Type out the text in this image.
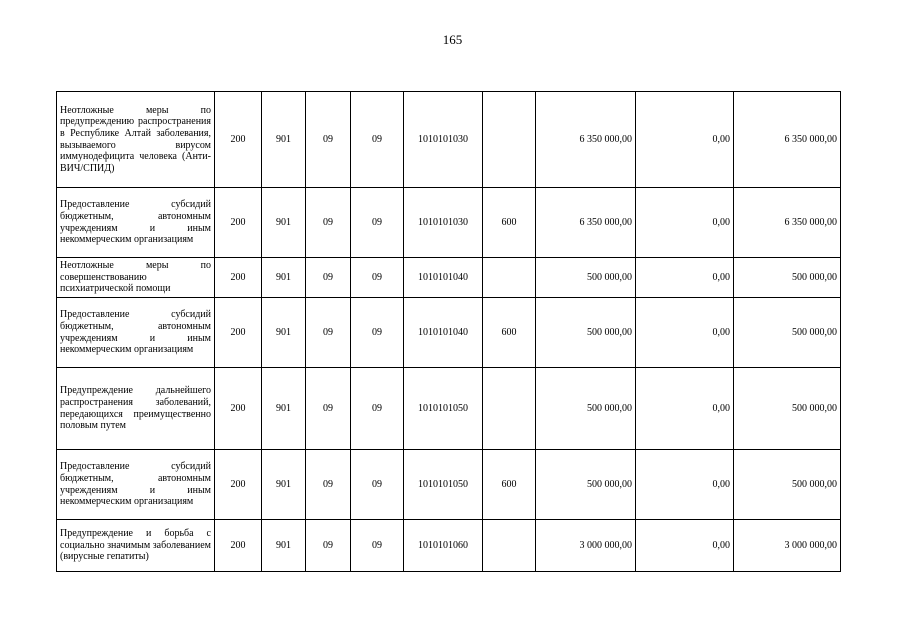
165
Неотложные меры по предупреждению распространения в Республике Алтай заболевания, вызываемого вирусом иммунодефицита человека (Анти-ВИЧ/СПИД)	200	901	09	09	1010101030		6 350 000,00	0,00	6 350 000,00
Предоставление субсидий бюджетным, автономным учреждениям и иным некоммерческим организациям	200	901	09	09	1010101030	600	6 350 000,00	0,00	6 350 000,00
Неотложные меры по совершенствованию психиатрической помощи	200	901	09	09	1010101040		500 000,00	0,00	500 000,00
Предоставление субсидий бюджетным, автономным учреждениям и иным некоммерческим организациям	200	901	09	09	1010101040	600	500 000,00	0,00	500 000,00
Предупреждение дальнейшего распространения заболеваний, передающихся преимущественно половым путем	200	901	09	09	1010101050		500 000,00	0,00	500 000,00
Предоставление субсидий бюджетным, автономным учреждениям и иным некоммерческим организациям	200	901	09	09	1010101050	600	500 000,00	0,00	500 000,00
Предупреждение и борьба с социально значимым заболеванием (вирусные гепатиты)	200	901	09	09	1010101060		3 000 000,00	0,00	3 000 000,00
